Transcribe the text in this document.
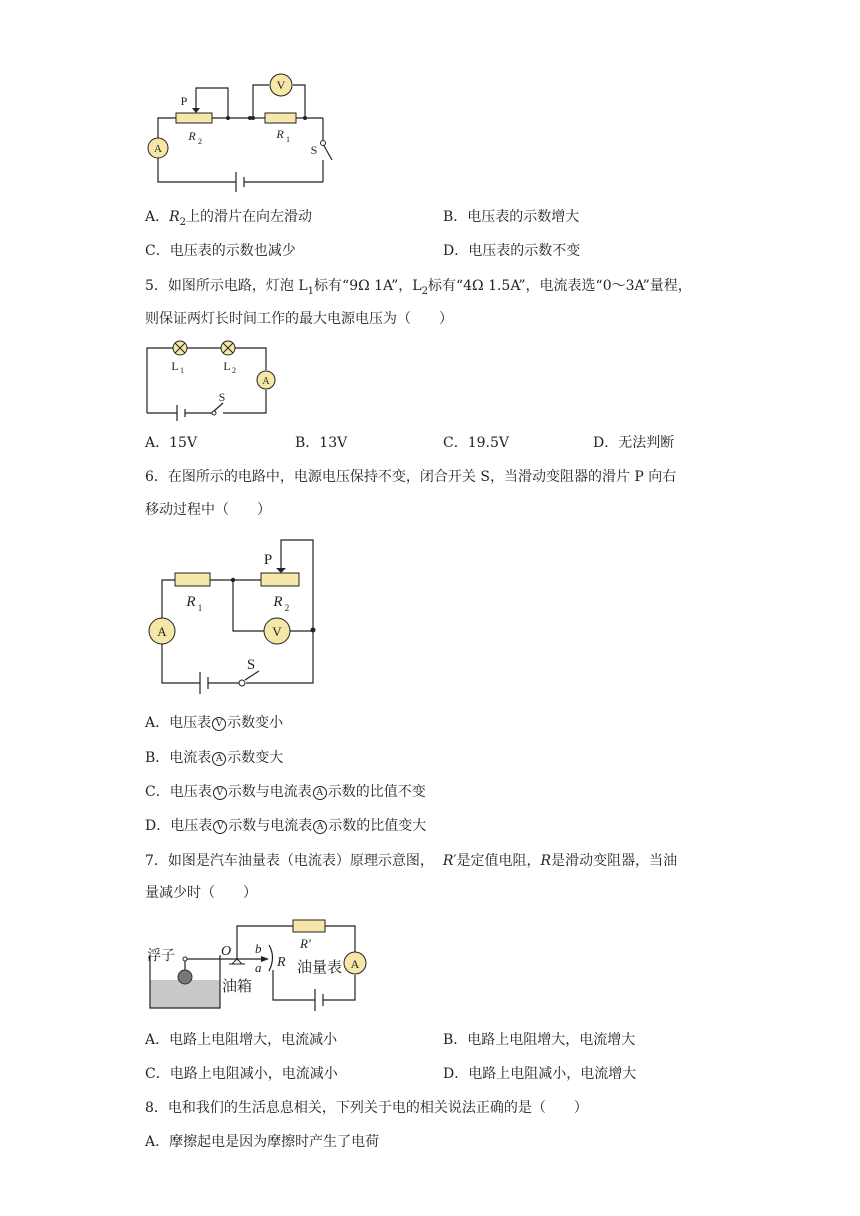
A
V
P
R 2
R 1
S
A．$R_2$上的滑片在向左滑动	B．电压表的示数增大
C．电压表的示数也减少	D．电压表的示数不变
5．如图所示电路，灯泡 $L_1$标有“9Ω 1A”，$L_2$标有“4Ω 1.5A”，电流表选“0～3A”量程，
则保证两灯长时间工作的最大电源电压为（　　）
A
L 1	L 2
S
A．15V	B．13V	C．19.5V	D．无法判断
6．在图所示的电路中，电源电压保持不变，闭合开关 S，当滑动变阻器的滑片 P 向右
移动过程中（　　）
A	V
P
R 1	R 2
S
A．电压表 V 示数变小
B．电流表 A 示数变大
C．电压表 V 示数与电流表 A 示数的比值不变
D．电压表 V 示数与电流表 A 示数的比值变大
7．如图是汽车油量表（电流表）原理示意图， R′是定值电阻，R是滑动变阻器，当油
量减少时（　　）
A
浮子	O b
a R
R′
油量表
油箱
A．电路上电阻增大，电流减小	B．电路上电阻增大，电流增大
C．电路上电阻减小，电流减小	D．电路上电阻减小，电流增大
8．电和我们的生活息息相关，下列关于电的相关说法正确的是（　　）
A．摩擦起电是因为摩擦时产生了电荷
